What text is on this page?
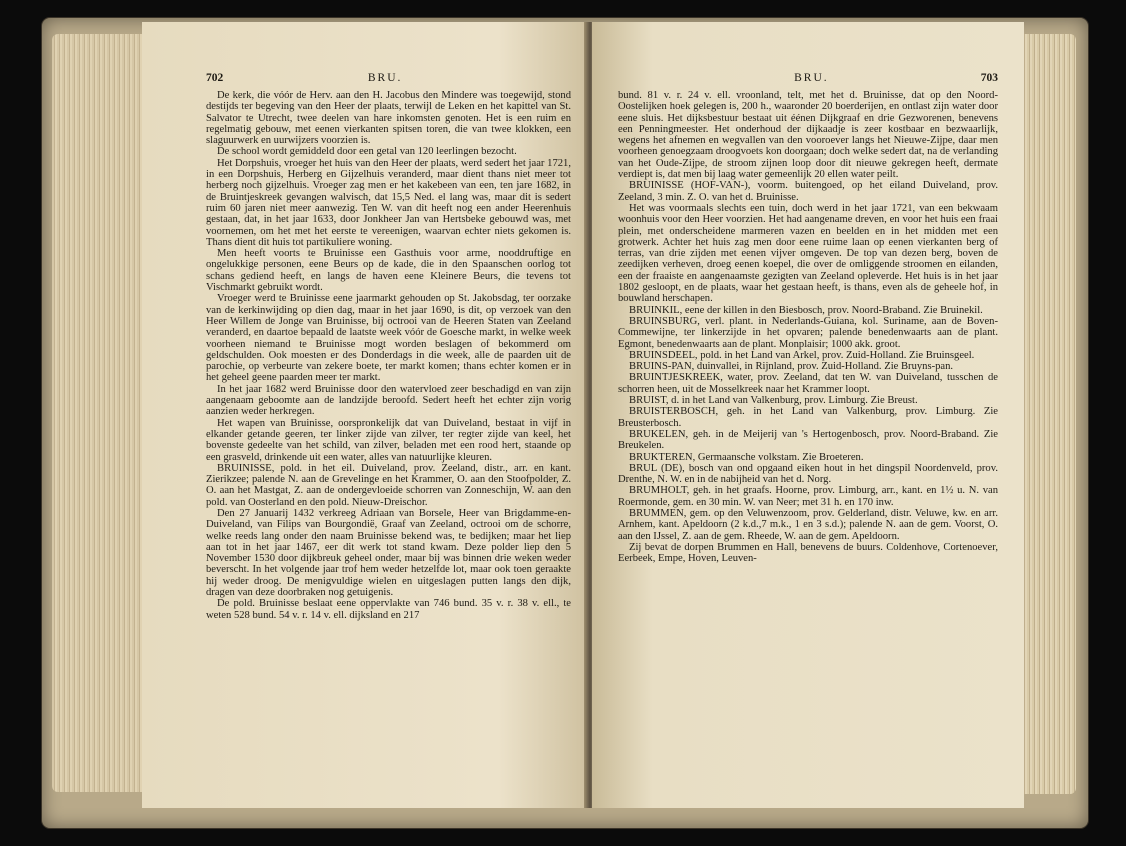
702	BRU.

De kerk, die vóór de Herv. aan den H. Jacobus den Mindere was toegewijd, stond destijds ter begeving van den Heer der plaats, terwijl de Leken en het kapittel van St. Salvator te Utrecht, twee deelen van hare inkomsten genoten. Het is een ruim en regelmatig gebouw, met eenen vierkanten spitsen toren, die van twee klokken, een slaguurwerk en uurwijzers voorzien is.

De school wordt gemiddeld door een getal van 120 leerlingen bezocht.

Het Dorpshuis, vroeger het huis van den Heer der plaats, werd sedert het jaar 1721, in een Dorpshuis, Herberg en Gijzelhuis veranderd, maar dient thans niet meer tot herberg noch gijzelhuis. Vroeger zag men er het kakebeen van een, ten jare 1682, in de Bruintjeskreek gevangen walvisch, dat 15,5 Ned. el lang was, maar dit is sedert ruim 60 jaren niet meer aanwezig. Ten W. van dit heeft nog een ander Heerenhuis gestaan, dat, in het jaar 1633, door Jonkheer Jan van Hertsbeke gebouwd was, met voornemen, om het met het eerste te vereenigen, waarvan echter niets gekomen is. Thans dient dit huis tot partikuliere woning.

Men heeft voorts te Bruinisse een Gasthuis voor arme, nooddruftige en ongelukkige personen, eene Beurs op de kade, die in den Spaanschen oorlog tot schans gediend heeft, en langs de haven eene Kleinere Beurs, die tevens tot Vischmarkt gebruikt wordt.

Vroeger werd te Bruinisse eene jaarmarkt gehouden op St. Jakobsdag, ter oorzake van de kerkinwijding op dien dag, maar in het jaar 1690, is dit, op verzoek van den Heer Willem de Jonge van Bruinisse, bij octrooi van de Heeren Staten van Zeeland veranderd, en daartoe bepaald de laatste week vóór de Goesche markt, in welke week voorheen niemand te Bruinisse mogt worden beslagen of bekommerd om geldschulden. Ook moesten er des Donderdags in die week, alle de paarden uit de parochie, op verbeurte van zekere boete, ter markt komen; thans echter komen er in het geheel geene paarden meer ter markt.

In het jaar 1682 werd Bruinisse door den watervloed zeer beschadigd en van zijn aangenaam geboomte aan de landzijde beroofd. Sedert heeft het echter zijn vorig aanzien weder herkregen.

Het wapen van Bruinisse, oorspronkelijk dat van Duiveland, bestaat in vijf in elkander getande geeren, ter linker zijde van zilver, ter regter zijde van keel, het bovenste gedeelte van het schild, van zilver, beladen met een rood hert, staande op een grasveld, drinkende uit een water, alles van natuurlijke kleuren.

BRUINISSE, pold. in het eil. Duiveland, prov. Zeeland, distr., arr. en kant. Zierikzee; palende N. aan de Grevelinge en het Krammer, O. aan den Stoofpolder, Z. O. aan het Mastgat, Z. aan de ondergevloeide schorren van Zonneschijn, W. aan den pold. van Oosterland en den pold. Nieuw-Dreischor.

Den 27 Januarij 1432 verkreeg Adriaan van Borsele, Heer van Brigdamme-en-Duiveland, van Filips van Bourgondië, Graaf van Zeeland, octrooi om de schorre, welke reeds lang onder den naam Bruinisse bekend was, te bedijken; maar het liep aan tot in het jaar 1467, eer dit werk tot stand kwam. Deze polder liep den 5 November 1530 door dijkbreuk geheel onder, maar bij was binnen drie weken weder beverscht. In het volgende jaar trof hem weder hetzelfde lot, maar ook toen geraakte hij weder droog. De menigvuldige wielen en uitgeslagen putten langs den dijk, dragen van deze doorbraken nog getuigenis.

De pold. Bruinisse beslaat eene oppervlakte van 746 bund. 35 v. r. 38 v. ell., te weten 528 bund. 54 v. r. 14 v. ell. dijksland en 217

BRU.	703

bund. 81 v. r. 24 v. ell. vroonland, telt, met het d. Bruinisse, dat op den Noord-Oostelijken hoek gelegen is, 200 h., waaronder 20 boerderijen, en ontlast zijn water door eene sluis. Het dijksbestuur bestaat uit éénen Dijkgraaf en drie Gezworenen, benevens een Penningmeester. Het onderhoud der dijkaadje is zeer kostbaar en bezwaarlijk, wegens het afnemen en wegvallen van den vooroever langs het Nieuwe-Zijpe, daar men voorheen genoegzaam droogvoets kon doorgaan; doch welke sedert dat, na de verlanding van het Oude-Zijpe, de stroom zijnen loop door dit nieuwe gekregen heeft, dermate verdiept is, dat men bij laag water gemeenlijk 20 ellen water peilt.

BRUINISSE (HOF-VAN-), voorm. buitengoed, op het eiland Duiveland, prov. Zeeland, 3 min. Z. O. van het d. Bruinisse.

Het was voormaals slechts een tuin, doch werd in het jaar 1721, van een bekwaam woonhuis voor den Heer voorzien. Het had aangename dreven, en voor het huis een fraai plein, met onderscheidene marmeren vazen en beelden en in het midden met een grotwerk. Achter het huis zag men door eene ruime laan op eenen vierkanten berg of terras, van drie zijden met eenen vijver omgeven. De top van dezen berg, boven de zeedijken verheven, droeg eenen koepel, die over de omliggende stroomen en eilanden, een der fraaiste en aangenaamste gezigten van Zeeland opleverde. Het huis is in het jaar 1802 gesloopt, en de plaats, waar het gestaan heeft, is thans, even als de geheele hof, in bouwland herschapen.

BRUINKIL, eene der killen in den Biesbosch, prov. Noord-Braband. Zie Bruinekil.

BRUINSBURG, verl. plant. in Nederlands-Guiana, kol. Suriname, aan de Boven-Commewijne, ter linkerzijde in het opvaren; palende benedenwaarts aan de plant. Egmont, benedenwaarts aan de plant. Monplaisir; 1000 akk. groot.

BRUINSDEEL, pold. in het Land van Arkel, prov. Zuid-Holland. Zie Bruinsgeel.

BRUINS-PAN, duinvallei, in Rijnland, prov. Zuid-Holland. Zie Bruyns-pan.

BRUINTJESKREEK, water, prov. Zeeland, dat ten W. van Duiveland, tusschen de schorren heen, uit de Mosselkreek naar het Krammer loopt.

BRUIST, d. in het Land van Valkenburg, prov. Limburg. Zie Breust.

BRUISTERBOSCH, geh. in het Land van Valkenburg, prov. Limburg. Zie Breusterbosch.

BRUKELEN, geh. in de Meijerij van 's Hertogenbosch, prov. Noord-Braband. Zie Breukelen.

BRUKTEREN, Germaansche volkstam. Zie Broeteren.

BRUL (DE), bosch van ond opgaand eiken hout in het dingspil Noordenveld, prov. Drenthe, N. W. en in de nabijheid van het d. Norg.

BRUMHOLT, geh. in het graafs. Hoorne, prov. Limburg, arr., kant. en 1½ u. N. van Roermonde, gem. en 30 min. W. van Neer; met 31 h. en 170 inw.

BRUMMEN, gem. op den Veluwenzoom, prov. Gelderland, distr. Veluwe, kw. en arr. Arnhem, kant. Apeldoorn (2 k.d.,7 m.k., 1 en 3 s.d.); palende N. aan de gem. Voorst, O. aan den IJssel, Z. aan de gem. Rheede, W. aan de gem. Apeldoorn.

Zij bevat de dorpen Brummen en Hall, benevens de buurs. Coldenhove, Cortenoever, Eerbeek, Empe, Hoven, Leuven-
